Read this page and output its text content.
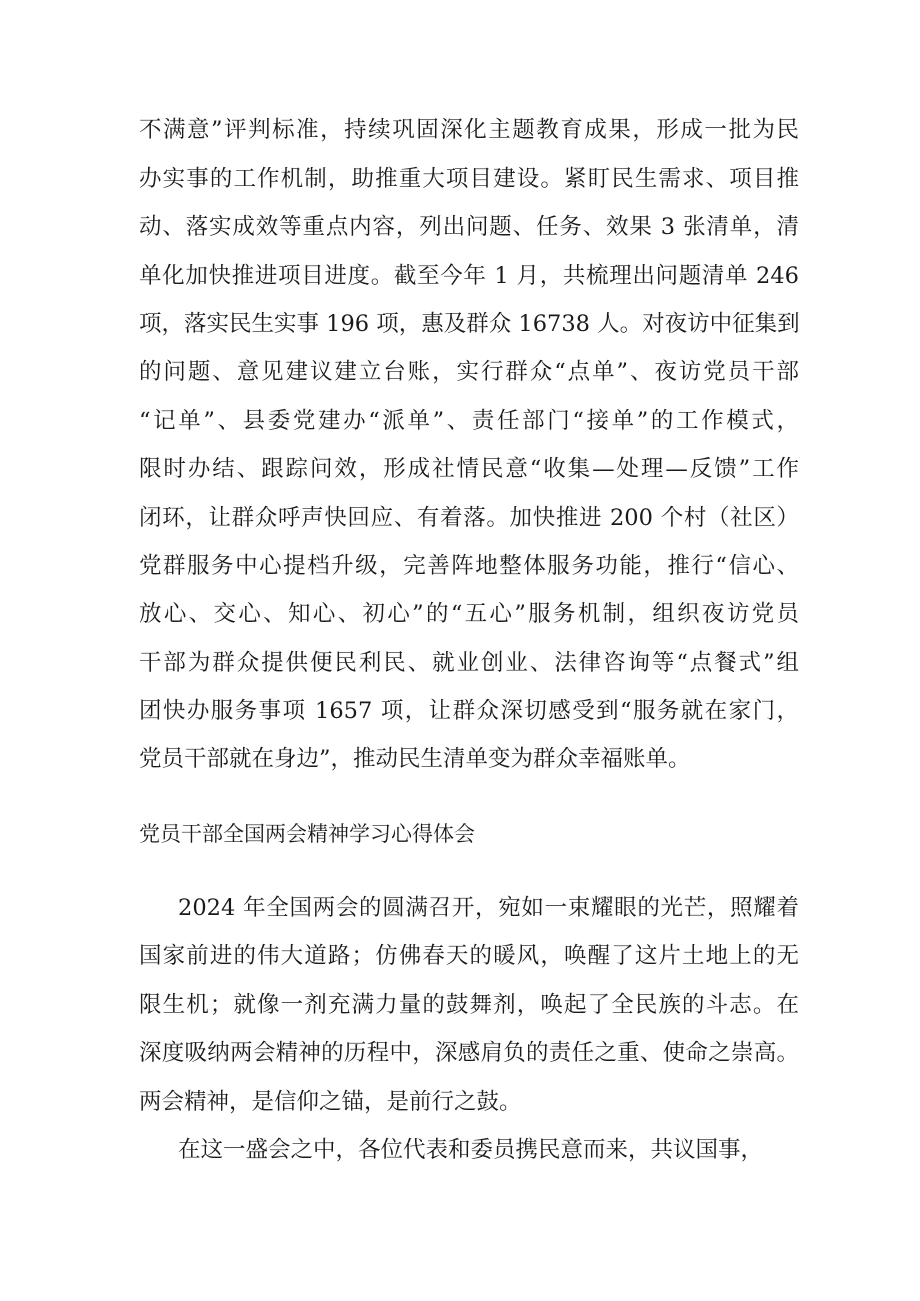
不满意”评判标准，持续巩固深化主题教育成果，形成一批为民
办实事的工作机制，助推重大项目建设。紧盯民生需求、项目推
动、落实成效等重点内容，列出问题、任务、效果 3 张清单，清
单化加快推进项目进度。截至今年 1 月，共梳理出问题清单 246
项，落实民生实事 196 项，惠及群众 16738 人。对夜访中征集到
的问题、意见建议建立台账，实行群众“点单”、夜访党员干部
“记单”、县委党建办“派单”、责任部门“接单”的工作模式，
限时办结、跟踪问效，形成社情民意“收集—处理—反馈”工作
闭环，让群众呼声快回应、有着落。加快推进 200 个村（社区）
党群服务中心提档升级，完善阵地整体服务功能，推行“信心、
放心、交心、知心、初心”的“五心”服务机制，组织夜访党员
干部为群众提供便民利民、就业创业、法律咨询等“点餐式”组
团快办服务事项 1657 项，让群众深切感受到“服务就在家门，
党员干部就在身边”，推动民生清单变为群众幸福账单。
党员干部全国两会精神学习心得体会
2024 年全国两会的圆满召开，宛如一束耀眼的光芒，照耀着
国家前进的伟大道路；仿佛春天的暖风，唤醒了这片土地上的无
限生机；就像一剂充满力量的鼓舞剂，唤起了全民族的斗志。在
深度吸纳两会精神的历程中，深感肩负的责任之重、使命之崇高。
两会精神，是信仰之锚，是前行之鼓。
在这一盛会之中，各位代表和委员携民意而来，共议国事，
